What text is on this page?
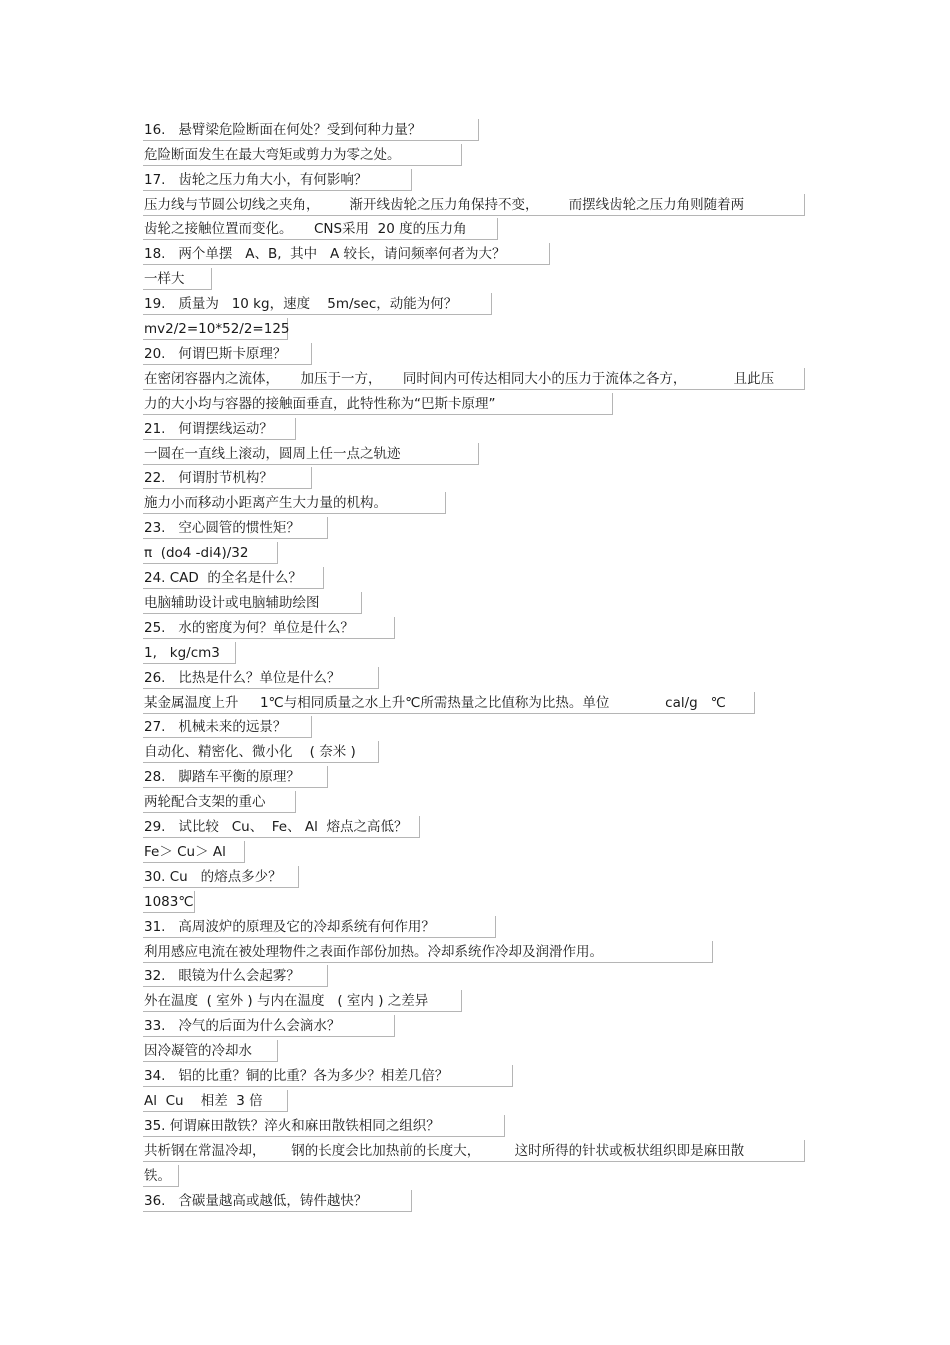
16.   悬臂梁危险断面在何处？受到何种力量？
危险断面发生在最大弯矩或剪力为零之处。
17.   齿轮之压力角大小，有何影响？
压力线与节圆公切线之夹角，       渐开线齿轮之压力角保持不变，       而摆线齿轮之压力角则随着两
齿轮之接触位置而变化。     CNS采用  20 度的压力角
18.   两个单摆   A、B,  其中   A 较长，请问频率何者为大？
一样大
19.   质量为   10 kg，速度    5m/sec，动能为何？
mv2/2=10*52/2=125
20.   何谓巴斯卡原理？
在密闭容器内之流体，     加压于一方，     同时间内可传达相同大小的压力于流体之各方，           且此压
力的大小均与容器的接触面垂直，此特性称为“巴斯卡原理”
21.   何谓摆线运动？
一圆在一直线上滚动，圆周上任一点之轨迹
22.   何谓肘节机构？
施力小而移动小距离产生大力量的机构。
23.   空心圆管的惯性矩？
π  (do4 -di4)/32
24. CAD  的全名是什么？
电脑辅助设计或电脑辅助绘图
25.   水的密度为何？单位是什么？
1,   kg/cm3
26.   比热是什么？单位是什么？
某金属温度上升     1℃与相同质量之水上升℃所需热量之比值称为比热。单位             cal/g   ℃
27.   机械未来的远景？
自动化、精密化、微小化    ( 奈米 )
28.   脚踏车平衡的原理？
两轮配合支架的重心
29.   试比较   Cu、  Fe、 Al  熔点之高低？
Fe＞ Cu＞ Al
30. Cu   的熔点多少？
1083℃
31.   高周波炉的原理及它的冷却系统有何作用？
利用感应电流在被处理物件之表面作部份加热。冷却系统作冷却及润滑作用。
32.   眼镜为什么会起雾？
外在温度  ( 室外 ) 与内在温度   ( 室内 ) 之差异
33.   冷气的后面为什么会滴水？
因冷凝管的冷却水
34.   铝的比重？铜的比重？各为多少？相差几倍？
Al  Cu    相差  3 倍
35. 何谓麻田散铁？淬火和麻田散铁相同之组织？
共析钢在常温冷却，      钢的长度会比加热前的长度大，        这时所得的针状或板状组织即是麻田散
铁。
36.   含碳量越高或越低，铸件越快？
